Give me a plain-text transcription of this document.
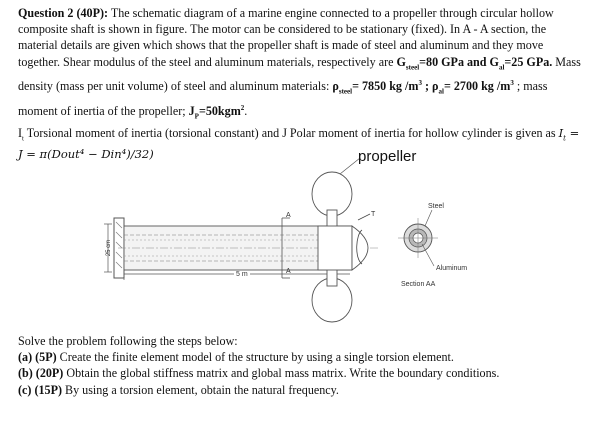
Question 2 (40P): The schematic diagram of a marine engine connected to a propeller through circular hollow composite shaft is shown in figure. The motor can be considered to be stationary (fixed). In A - A section, the material details are given which shows that the propeller shaft is made of steel and aluminum and they move together. Shear modulus of the steel and aluminum materials, respectively are $G_{steel}=80$ GPa and $G_{al}=25$ GPa. Mass density (mass per unit volume) of steel and aluminum materials: $\rho_{steel}= 7850$ kg $/m^3$ ; $\rho_{al}= 2700$ kg $/m^3$ ; mass moment of inertia of the propeller; $J_P=50kgm^2$.
$I_t$ Torsional moment of inertia (torsional constant) and J Polar moment of inertia for hollow cylinder is given as $I_t = J$ = π(Dout⁴ − Din⁴)/32)
25 cm
A
A
5 m
T
propeller
Steel
Aluminum
Section AA
Solve the problem following the steps below:
(a) (5P) Create the finite element model of the structure by using a single torsion element.
(b) (20P) Obtain the global stiffness matrix and global mass matrix. Write the boundary conditions.
(c) (15P) By using a torsion element, obtain the natural frequency.
